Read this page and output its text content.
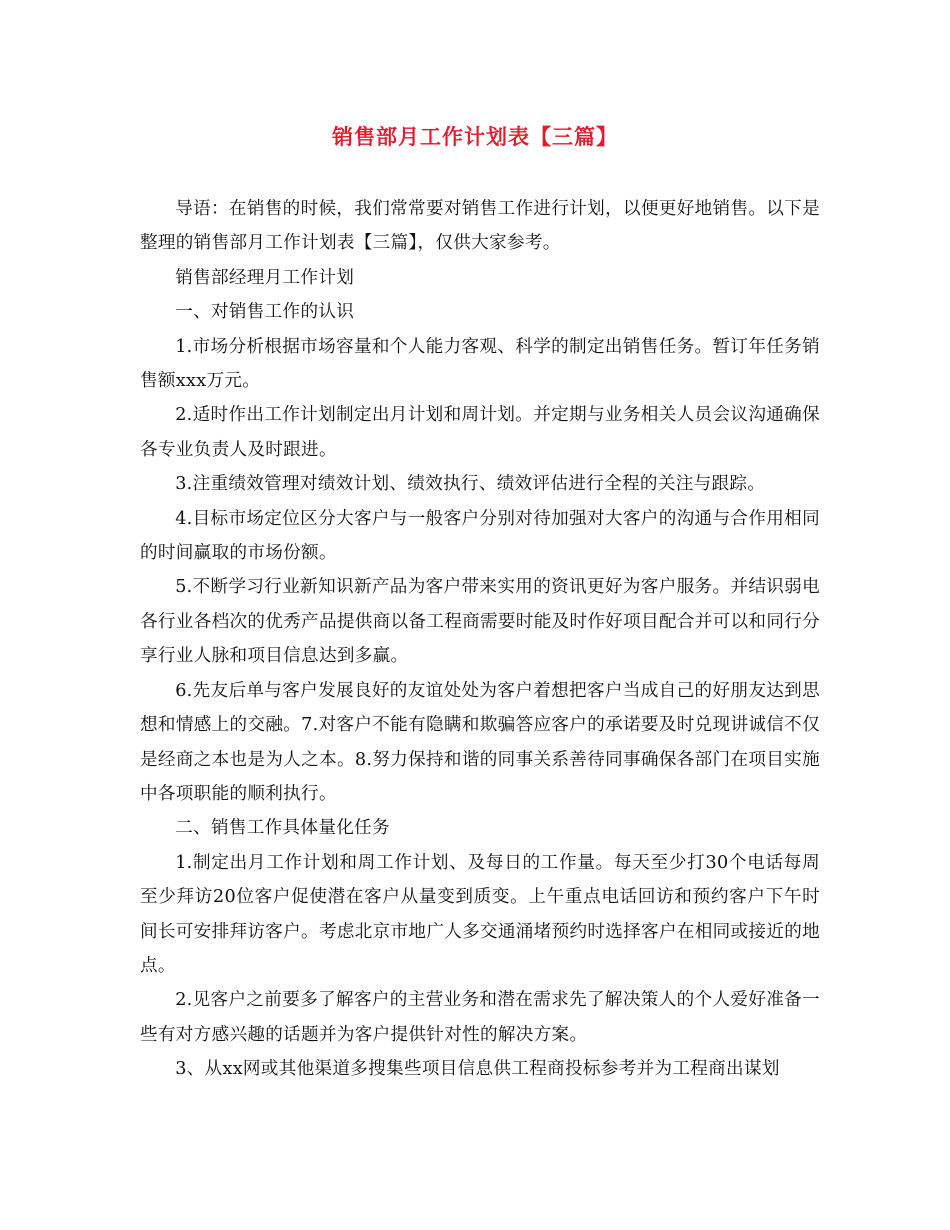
销售部月工作计划表【三篇】

导语：在销售的时候，我们常常要对销售工作进行计划，以便更好地销售。以下是整理的销售部月工作计划表【三篇】，仅供大家参考。

销售部经理月工作计划

一、对销售工作的认识

1.市场分析根据市场容量和个人能力客观、科学的制定出销售任务。暂订年任务销售额xxx万元。

2.适时作出工作计划制定出月计划和周计划。并定期与业务相关人员会议沟通确保各专业负责人及时跟进。

3.注重绩效管理对绩效计划、绩效执行、绩效评估进行全程的关注与跟踪。

4.目标市场定位区分大客户与一般客户分别对待加强对大客户的沟通与合作用相同的时间赢取的市场份额。

5.不断学习行业新知识新产品为客户带来实用的资讯更好为客户服务。并结识弱电各行业各档次的优秀产品提供商以备工程商需要时能及时作好项目配合并可以和同行分享行业人脉和项目信息达到多赢。

6.先友后单与客户发展良好的友谊处处为客户着想把客户当成自己的好朋友达到思想和情感上的交融。7.对客户不能有隐瞒和欺骗答应客户的承诺要及时兑现讲诚信不仅是经商之本也是为人之本。8.努力保持和谐的同事关系善待同事确保各部门在项目实施中各项职能的顺利执行。

二、销售工作具体量化任务

1.制定出月工作计划和周工作计划、及每日的工作量。每天至少打30个电话每周至少拜访20位客户促使潜在客户从量变到质变。上午重点电话回访和预约客户下午时间长可安排拜访客户。考虑北京市地广人多交通涌堵预约时选择客户在相同或接近的地点。

2.见客户之前要多了解客户的主营业务和潜在需求先了解决策人的个人爱好准备一些有对方感兴趣的话题并为客户提供针对性的解决方案。

3、从xx网或其他渠道多搜集些项目信息供工程商投标参考并为工程商出谋划
